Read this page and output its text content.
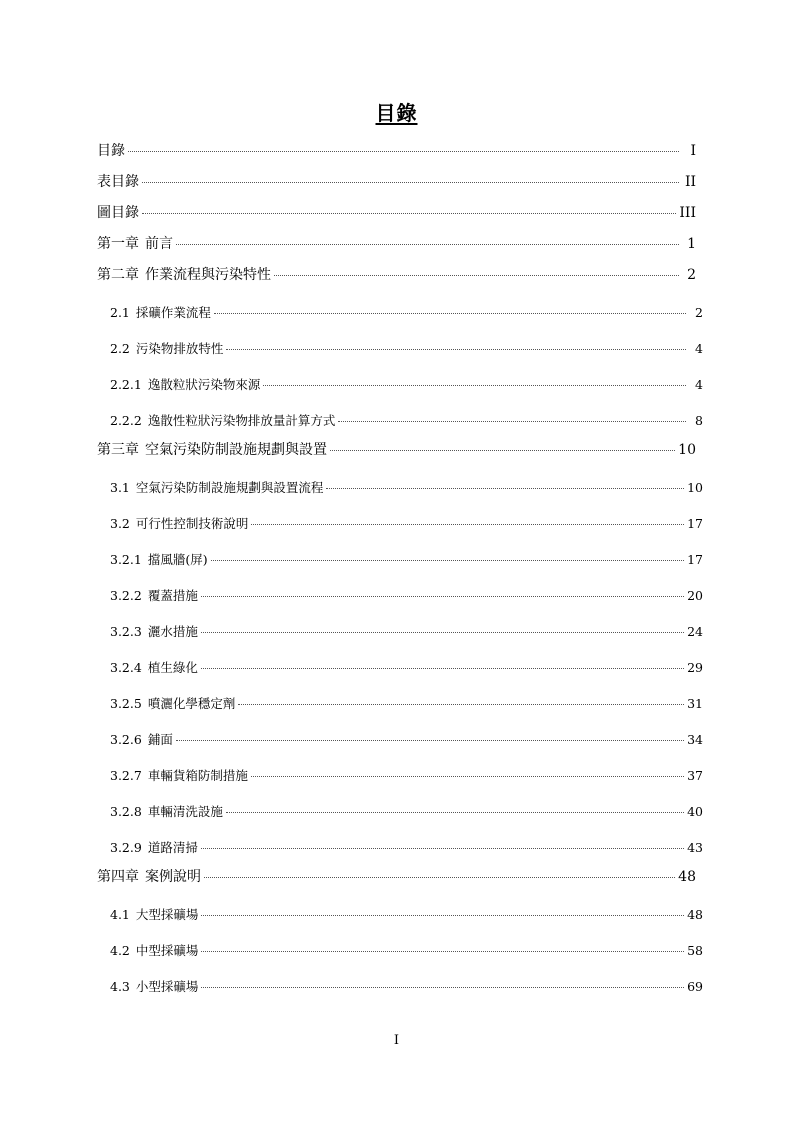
目錄
目錄	I
表目錄	II
圖目錄	III
第一章 前言	1
第二章 作業流程與污染特性	2
2.1 採礦作業流程	2
2.2 污染物排放特性	4
2.2.1 逸散粒狀污染物來源	4
2.2.2 逸散性粒狀污染物排放量計算方式	8
第三章 空氣污染防制設施規劃與設置	10
3.1 空氣污染防制設施規劃與設置流程	10
3.2 可行性控制技術說明	17
3.2.1 擋風牆(屏)	17
3.2.2 覆蓋措施	20
3.2.3 灑水措施	24
3.2.4 植生綠化	29
3.2.5 噴灑化學穩定劑	31
3.2.6 鋪面	34
3.2.7 車輛貨箱防制措施	37
3.2.8 車輛清洗設施	40
3.2.9 道路清掃	43
第四章 案例說明	48
4.1 大型採礦場	48
4.2 中型採礦場	58
4.3 小型採礦場	69
I
